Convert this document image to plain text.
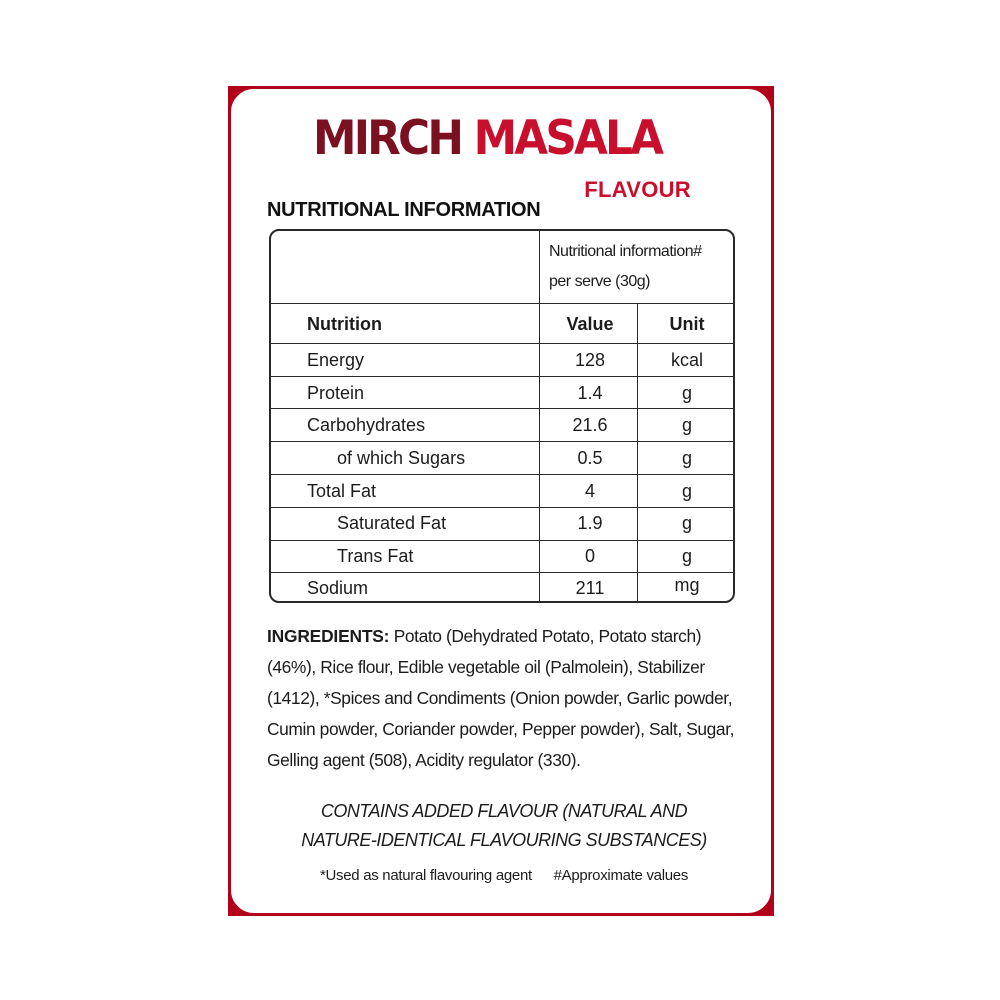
MIRCH MASALA
FLAVOUR
NUTRITIONAL INFORMATION
Nutritional information#
per serve (30g)
Nutrition	Value	Unit
Energy	128	kcal
Protein	1.4	g
Carbohydrates	21.6	g
of which Sugars	0.5	g
Total Fat	4	g
Saturated Fat	1.9	g
Trans Fat	0	g
Sodium	211	mg
INGREDIENTS: Potato (Dehydrated Potato, Potato starch) (46%), Rice flour, Edible vegetable oil (Palmolein), Stabilizer (1412), *Spices and Condiments (Onion powder, Garlic powder, Cumin powder, Coriander powder, Pepper powder), Salt, Sugar, Gelling agent (508), Acidity regulator (330).
CONTAINS ADDED FLAVOUR (NATURAL AND
NATURE-IDENTICAL FLAVOURING SUBSTANCES)
*Used as natural flavouring agent #Approximate values
